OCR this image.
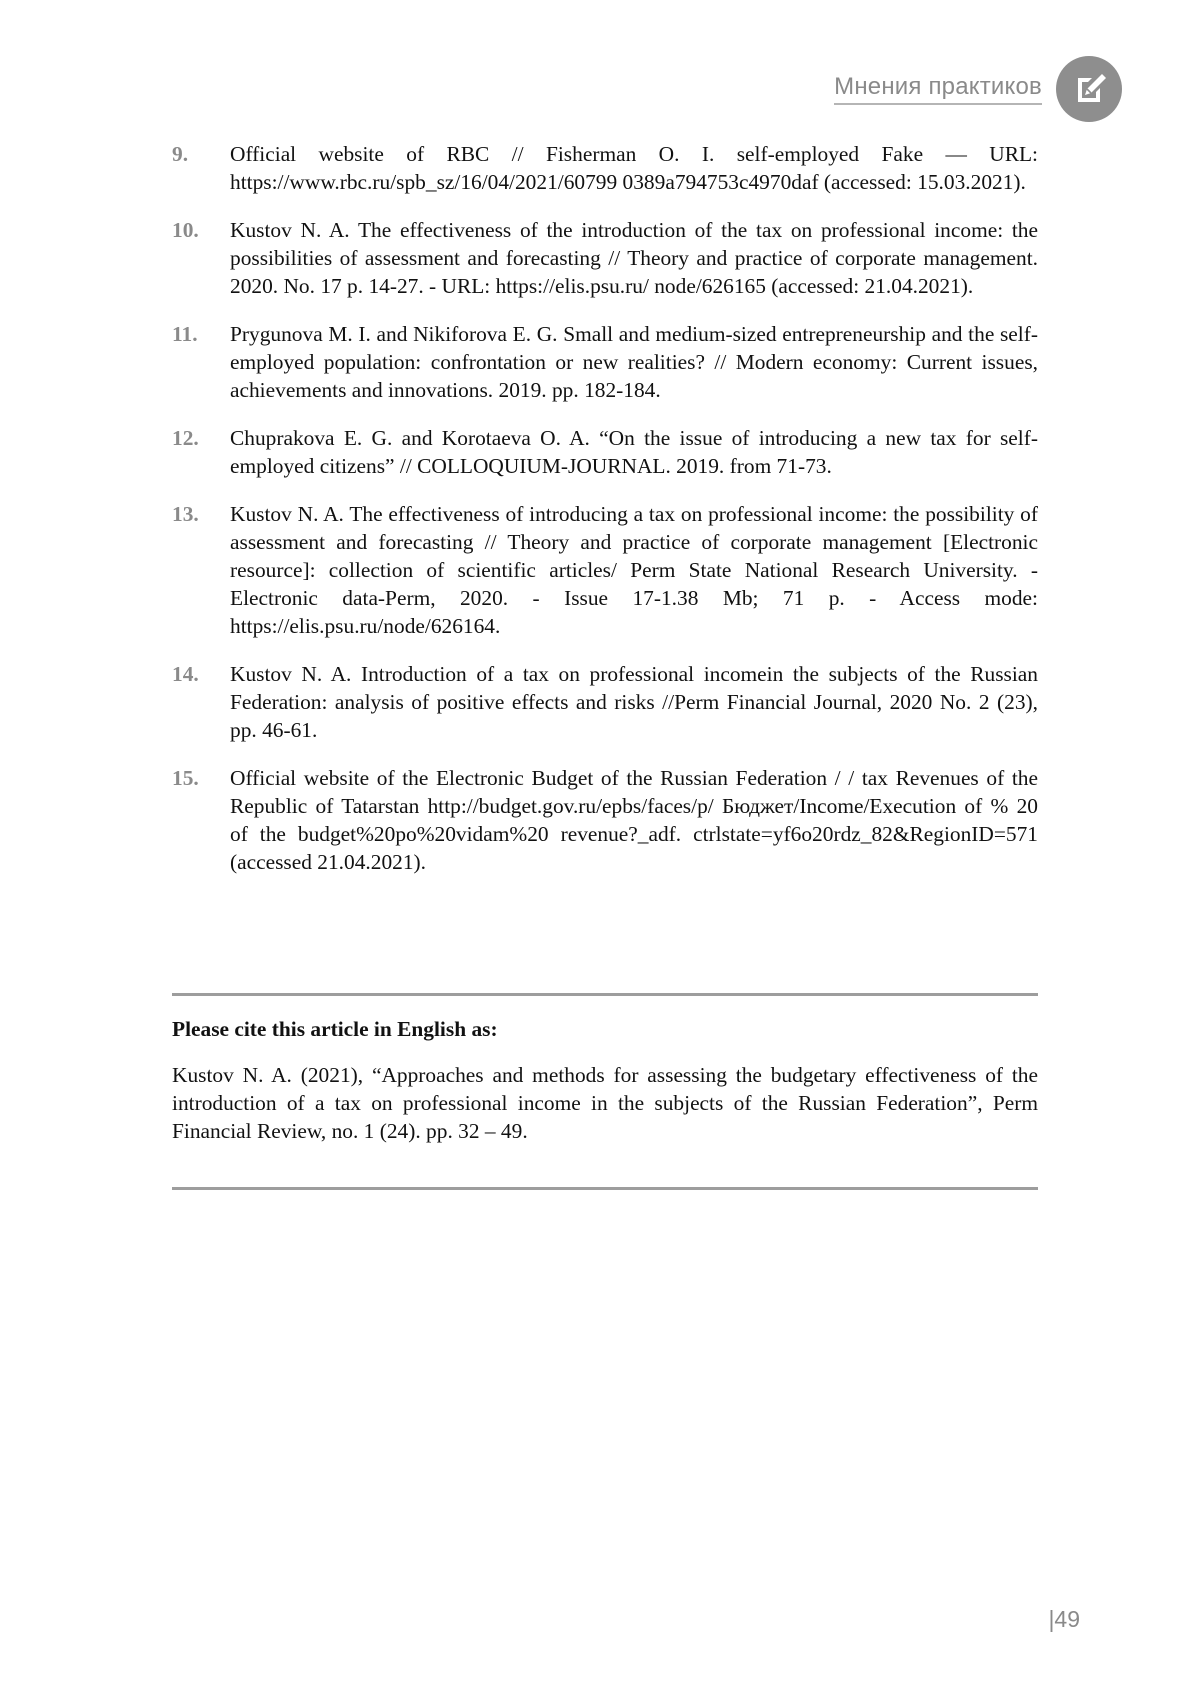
Мнения практиков
9.	Official website of RBC // Fisherman O. I. self-employed Fake — URL: https://www.rbc.ru/spb_sz/16/04/2021/60799 0389a794753c4970daf (accessed: 15.03.2021).
10.	Kustov N. A. The effectiveness of the introduction of the tax on professional income: the possibilities of assessment and forecasting // Theory and practice of corporate management. 2020. No. 17 p. 14-27. - URL: https://elis.psu.ru/ node/626165 (accessed: 21.04.2021).
11.	Prygunova M. I. and Nikiforova E. G. Small and medium-sized entrepreneurship and the self-employed population: confrontation or new realities? // Modern economy: Current issues, achievements and innovations. 2019. pp. 182-184.
12.	Chuprakova E. G. and Korotaeva O. A. “On the issue of introducing a new tax for self-employed citizens” // COLLOQUIUM-JOURNAL. 2019. from 71-73.
13.	Kustov N. A. The effectiveness of introducing a tax on professional income: the possibility of assessment and forecasting // Theory and practice of corporate management [Electronic resource]: collection of scientific articles/ Perm State National Research University. - Electronic data-Perm, 2020. - Issue 17-1.38 Mb; 71 p. - Access mode: https://elis.psu.ru/node/626164.
14.	Kustov N. A. Introduction of a tax on professional incomein the subjects of the Russian Federation: analysis of positive effects and risks //Perm Financial Journal, 2020 No. 2 (23), pp. 46-61.
15.	Official website of the Electronic Budget of the Russian Federation / / tax Revenues of the Republic of Tatarstan http://budget.gov.ru/epbs/faces/p/ Бюджет/Income/Execution of % 20 of the budget%20po%20vidam%20 revenue?_adf. ctrlstate=yf6o20rdz_82&RegionID=571 (accessed 21.04.2021).
Please cite this article in English as:
Kustov N. A. (2021), “Approaches and methods for assessing the budgetary effectiveness of the introduction of a tax on professional income in the subjects of the Russian Federation”, Perm Financial Review, no. 1 (24). pp. 32 – 49.
|49
